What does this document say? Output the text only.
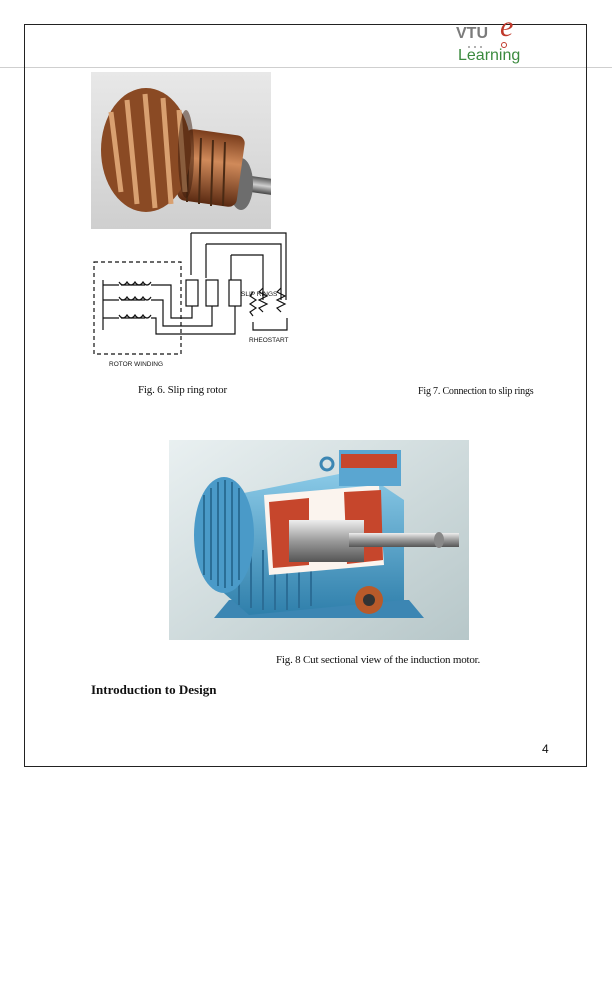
VTU e
Learning
SLIP RINGS
RHEOSTART
ROTOR WINDING
Fig. 6. Slip ring rotor	Fig 7. Connection to slip rings
Fig. 8 Cut sectional view of the induction motor.
Introduction to Design
4
